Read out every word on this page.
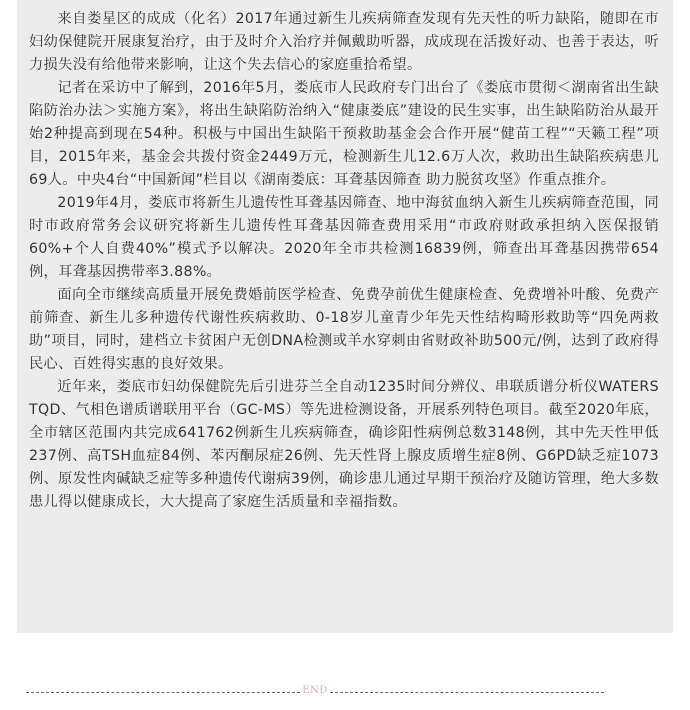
来自娄星区的成成（化名）2017年通过新生儿疾病筛查发现有先天性的听力缺陷，随即在市妇幼保健院开展康复治疗，由于及时介入治疗并佩戴助听器，成成现在活拨好动、也善于表达，听力损失没有给他带来影响，让这个失去信心的家庭重拾希望。

记者在采访中了解到，2016年5月，娄底市人民政府专门出台了《娄底市贯彻＜湖南省出生缺陷防治办法＞实施方案》，将出生缺陷防治纳入“健康娄底”建设的民生实事，出生缺陷防治从最开始2种提高到现在54种。积极与中国出生缺陷干预救助基金会合作开展“健苗工程”“天籁工程”项目，2015年来，基金会共拨付资金2449万元，检测新生儿12.6万人次，救助出生缺陷疾病患儿69人。中央4台“中国新闻”栏目以《湖南娄底：耳聋基因筛查 助力脱贫攻坚》作重点推介。

2019年4月，娄底市将新生儿遗传性耳聋基因筛查、地中海贫血纳入新生儿疾病筛查范围，同时市政府常务会议研究将新生儿遗传性耳聋基因筛查费用采用“市政府财政承担纳入医保报销60%+个人自费40%”模式予以解决。2020年全市共检测16839例，筛查出耳聋基因携带654例，耳聋基因携带率3.88%。

面向全市继续高质量开展免费婚前医学检查、免费孕前优生健康检查、免费增补叶酸、免费产前筛查、新生儿多种遗传代谢性疾病救助、0-18岁儿童青少年先天性结构畸形救助等“四免两救助”项目，同时，建档立卡贫困户无创DNA检测或羊水穿刺由省财政补助500元/例，达到了政府得民心、百姓得实惠的良好效果。

近年来，娄底市妇幼保健院先后引进芬兰全自动1235时间分辨仪、串联质谱分析仪WATERS TQD、气相色谱质谱联用平台（GC-MS）等先进检测设备，开展系列特色项目。截至2020年底，全市辖区范围内共完成641762例新生儿疾病筛查，确诊阳性病例总数3148例，其中先天性甲低237例、高TSH血症84例、苯丙酮尿症26例、先天性肾上腺皮质增生症8例、G6PD缺乏症1073例、原发性肉碱缺乏症等多种遗传代谢病39例，确诊患儿通过早期干预治疗及随访管理，绝大多数患儿得以健康成长，大大提高了家庭生活质量和幸福指数。

END
